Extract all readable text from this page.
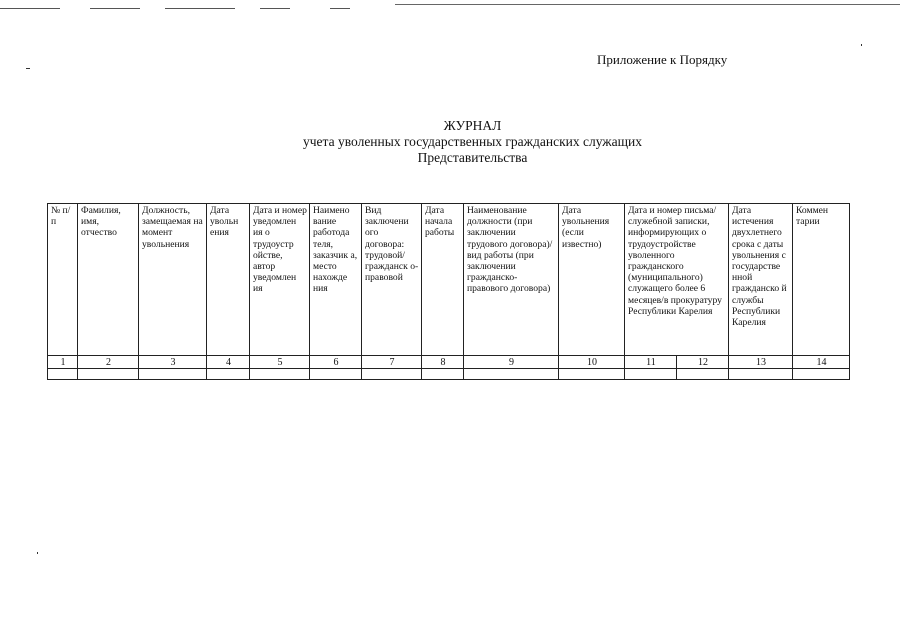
Приложение к Порядку
ЖУРНАЛ
учета уволенных государственных гражданских служащих
Представительства
№ п/п	Фамилия, имя, отчество	Должность, замещаемая на момент увольнения	Дата увольн ения	Дата и номер уведомлен ия о трудоустр ойстве, автор уведомлен ия	Наимено вание работода теля, заказчик а, место нахожде ния	Вид заключени ого договора: трудовой/ гражданск о- правовой	Дата начала работы	Наименование должности (при заключении трудового договора)/вид работы (при заключении гражданско- правового договора)	Дата увольнения (если известно)	Дата и номер письма/служебной записки, информирующих о трудоустройстве уволенного гражданского (муниципального) служащего более 6 месяцев/в прокуратуру Республики Карелия		Дата истечения двухлетнего срока с даты увольнения с государстве нной гражданско й службы Республики Карелия	Коммен тарии
1	2	3	4	5	6	7	8	9	10	11	12	13	14
